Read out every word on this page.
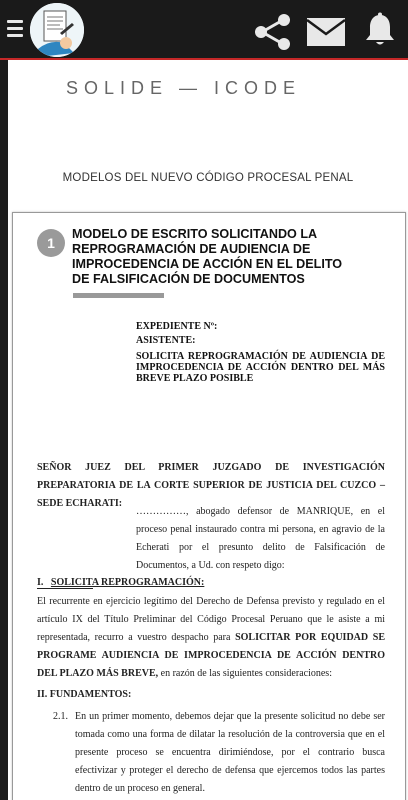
SOLIDE — ICODE
MODELOS DEL NUEVO CÓDIGO PROCESAL PENAL
1
MODELO DE ESCRITO SOLICITANDO LA REPROGRAMACIÓN DE AUDIENCIA DE IMPROCEDENCIA DE ACCIÓN EN EL DELITO DE FALSIFICACIÓN DE DOCUMENTOS
EXPEDIENTE Nº:
ASISTENTE:
SOLICITA REPROGRAMACIÓN DE AUDIENCIA DE IMPROCEDENCIA DE ACCIÓN DENTRO DEL MÁS BREVE PLAZO POSIBLE
SEÑOR JUEZ DEL PRIMER JUZGADO DE INVESTIGACIÓN PREPARATORIA DE LA CORTE SUPERIOR DE JUSTICIA DEL CUZCO – SEDE ECHARATI:
……………, abogado defensor de MANRIQUE, en el proceso penal instaurado contra mi persona, en agravio de la Echerati por el presunto delito de Falsificación de Documentos, a Ud. con respeto digo:
I. SOLICITA REPROGRAMACIÓN:
El recurrente en ejercicio legítimo del Derecho de Defensa previsto y regulado en el artículo IX del Título Preliminar del Código Procesal Peruano que le asiste a mi representada, recurro a vuestro despacho para SOLICITAR POR EQUIDAD SE PROGRAME AUDIENCIA DE IMPROCEDENCIA DE ACCIÓN DENTRO DEL PLAZO MÁS BREVE, en razón de las siguientes consideraciones:
II. FUNDAMENTOS:
2.1. En un primer momento, debemos dejar que la presente solicitud no debe ser tomada como una forma de dilatar la resolución de la controversia que en el presente proceso se encuentra dirimiéndose, por el contrario busca efectivizar y proteger el derecho de defensa que ejercemos todos las partes dentro de un proceso en general.
